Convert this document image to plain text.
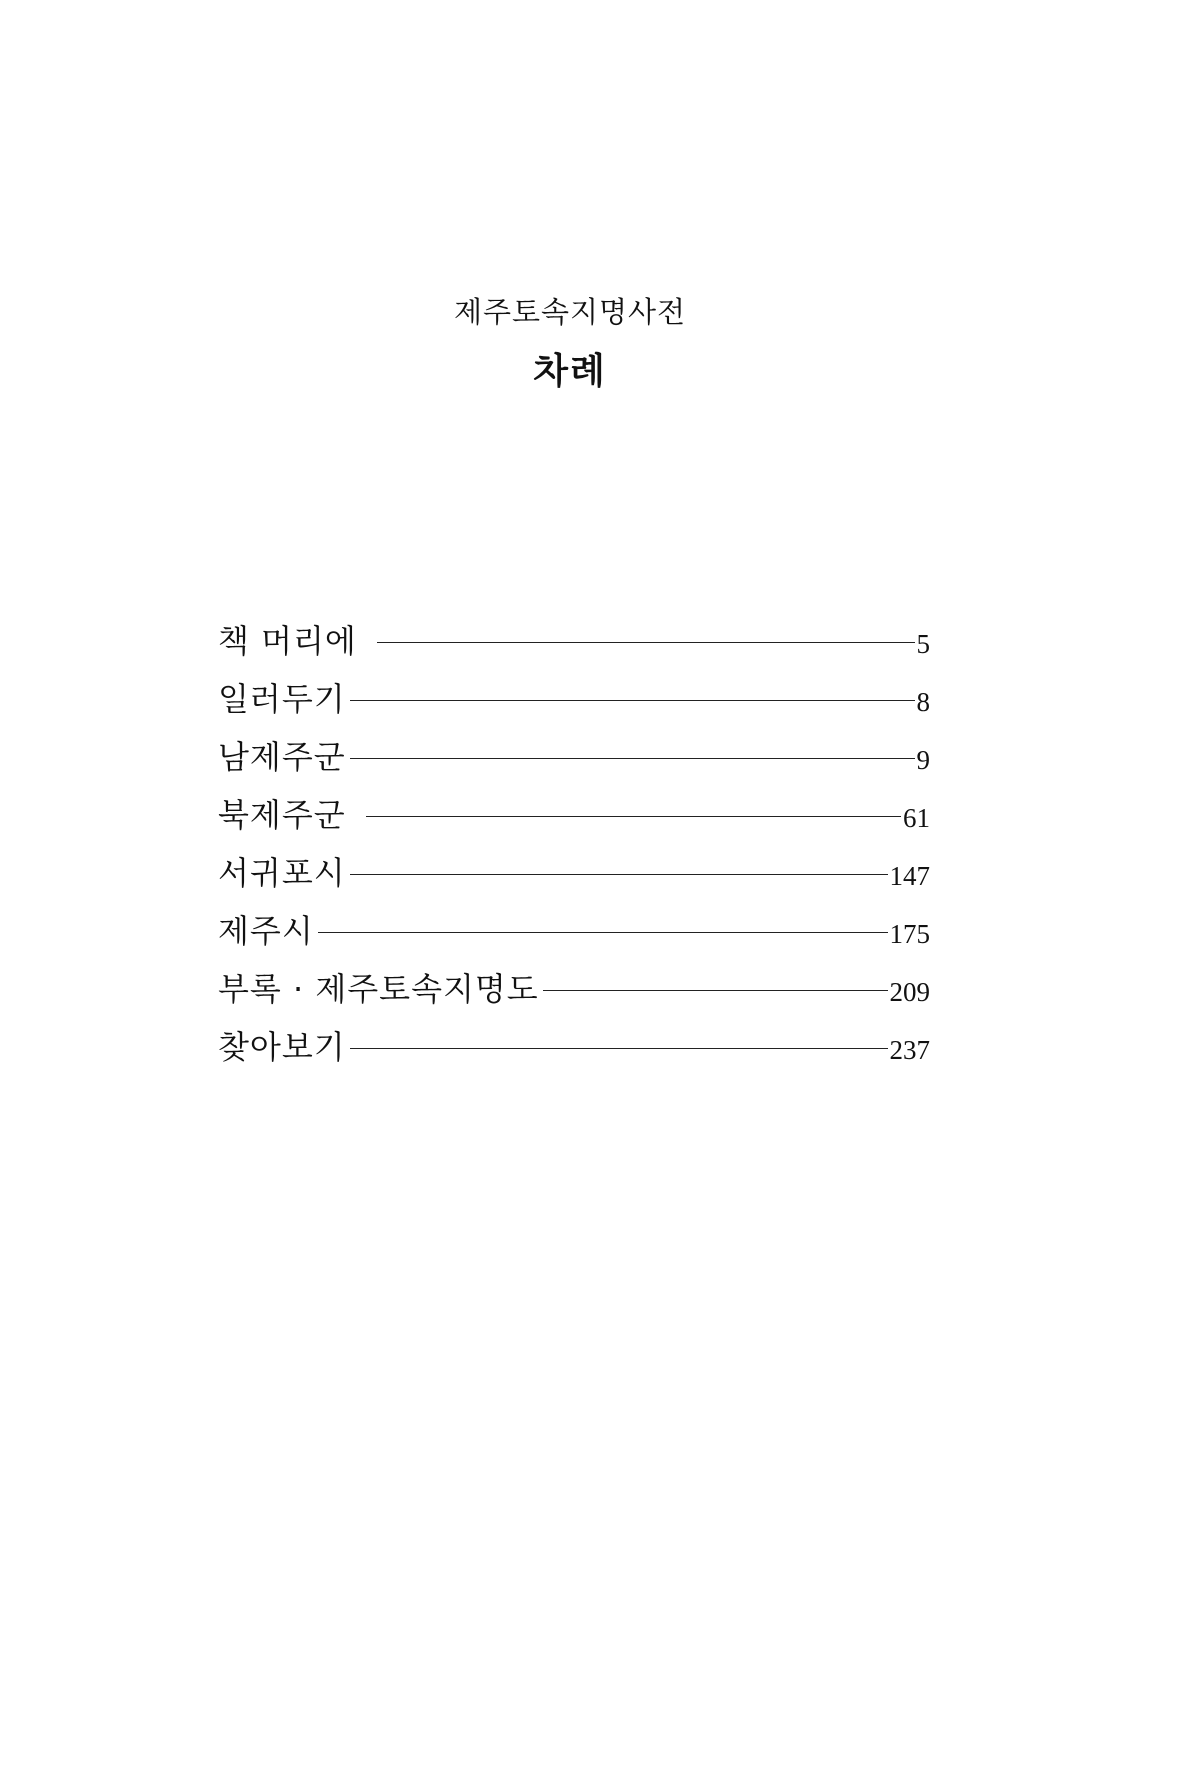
제주토속지명사전
차례
책 머리에	5
일러두기	8
남제주군	9
북제주군	61
서귀포시	147
제주시	175
부록 · 제주토속지명도	209
찾아보기	237
